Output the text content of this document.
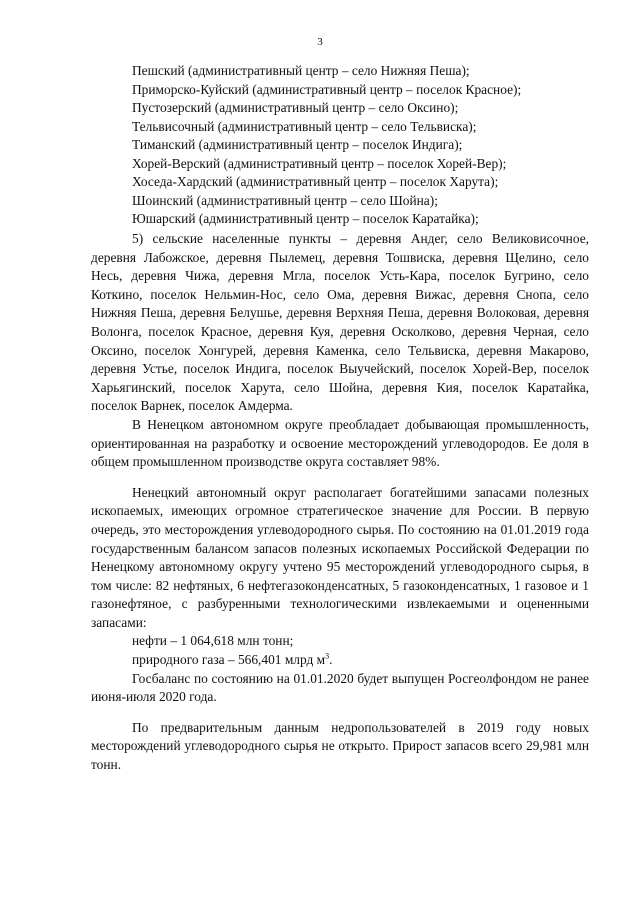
3
Пешский (административный центр – село Нижняя Пеша);
Приморско-Куйский (административный центр – поселок Красное);
Пустозерский (административный центр – село Оксино);
Тельвисочный (административный центр – село Тельвиска);
Тиманский (административный центр – поселок Индига);
Хорей-Верский (административный центр – поселок Хорей-Вер);
Хоседа-Хардский (административный центр – поселок Харута);
Шоинский (административный центр – село Шойна);
Юшарский (административный центр – поселок Каратайка);

5) сельские населенные пункты – деревня Андег, село Великовисочное, деревня Лабожское, деревня Пылемец, деревня Тошвиска, деревня Щелино, село Несь, деревня Чижа, деревня Мгла, поселок Усть-Кара, поселок Бугрино, село Коткино, поселок Нельмин-Нос, село Ома, деревня Вижас, деревня Снопа, село Нижняя Пеша, деревня Белушье, деревня Верхняя Пеша, деревня Волоковая, деревня Волонга, поселок Красное, деревня Куя, деревня Осколково, деревня Черная, село Оксино, поселок Хонгурей, деревня Каменка, село Тельвиска, деревня Макарово, деревня Устье, поселок Индига, поселок Выучейский, поселок Хорей-Вер, поселок Харьягинский, поселок Харута, село Шойна, деревня Кия, поселок Каратайка, поселок Варнек, поселок Амдерма.

В Ненецком автономном округе преобладает добывающая промышленность, ориентированная на разработку и освоение месторождений углеводородов. Ее доля в общем промышленном производстве округа составляет 98%.

Ненецкий автономный округ располагает богатейшими запасами полезных ископаемых, имеющих огромное стратегическое значение для России. В первую очередь, это месторождения углеводородного сырья. По состоянию на 01.01.2019 года государственным балансом запасов полезных ископаемых Российской Федерации по Ненецкому автономному округу учтено 95 месторождений углеводородного сырья, в том числе: 82 нефтяных, 6 нефтегазоконденсатных, 5 газоконденсатных, 1 газовое и 1 газонефтяное, с разбуренными технологическими извлекаемыми и оцененными запасами:

нефти – 1 064,618 млн тонн;
природного газа – 566,401 млрд $м^3$.

Госбаланс по состоянию на 01.01.2020 будет выпущен Росгеолфондом не ранее июня-июля 2020 года.

По предварительным данным недропользователей в 2019 году новых месторождений углеводородного сырья не открыто. Прирост запасов всего 29,981 млн тонн.
